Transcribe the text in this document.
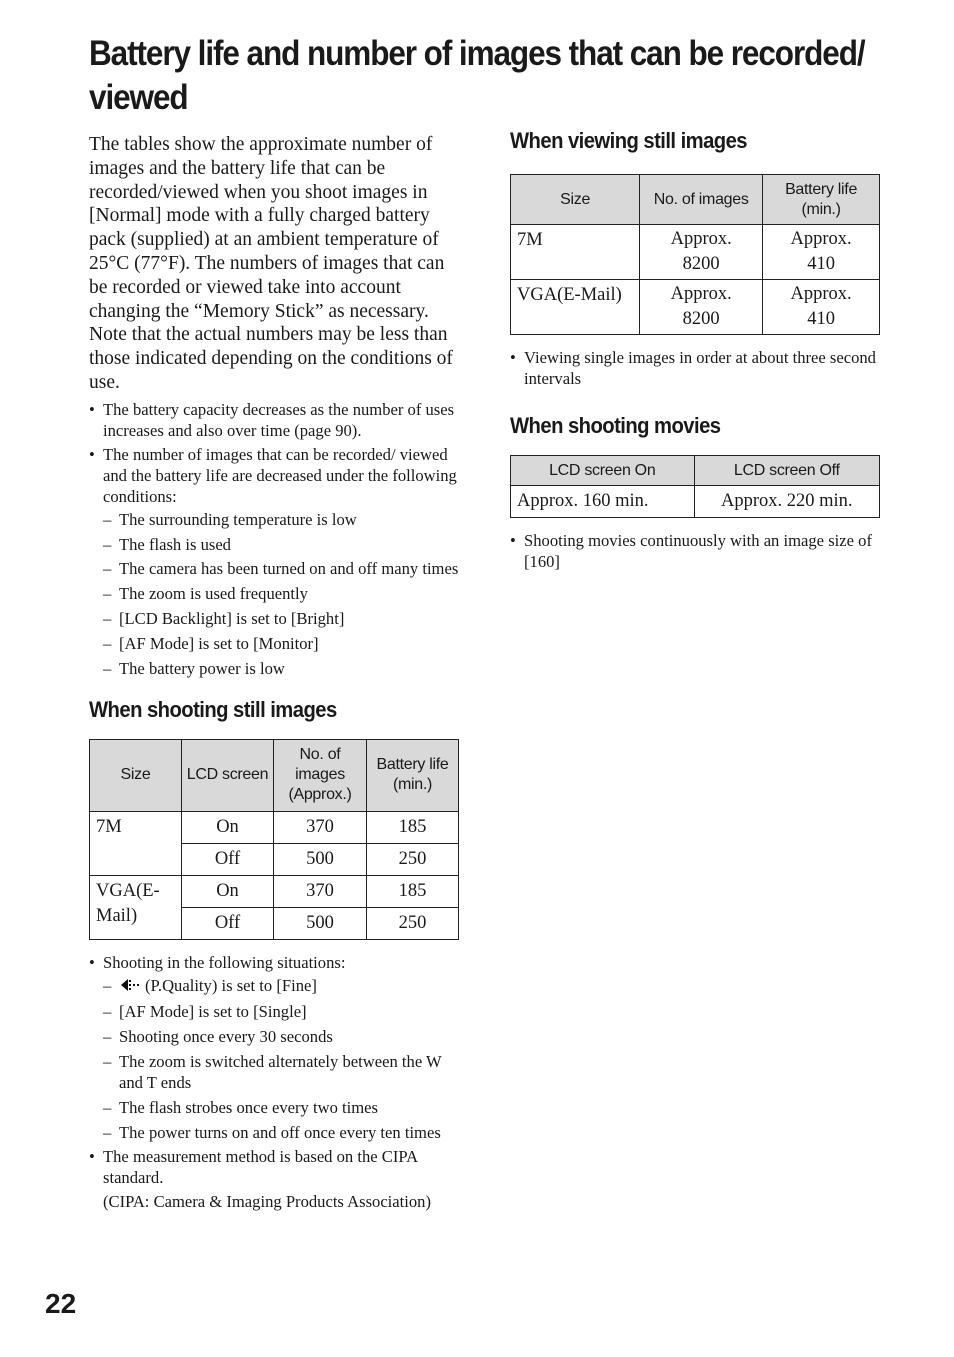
Battery life and number of images that can be recorded/ viewed

The tables show the approximate number of images and the battery life that can be recorded/viewed when you shoot images in [Normal] mode with a fully charged battery pack (supplied) at an ambient temperature of 25°C (77°F). The numbers of images that can be recorded or viewed take into account changing the “Memory Stick” as necessary. Note that the actual numbers may be less than those indicated depending on the conditions of use.

• The battery capacity decreases as the number of uses increases and also over time (page 90).
• The number of images that can be recorded/ viewed and the battery life are decreased under the following conditions:
– The surrounding temperature is low
– The flash is used
– The camera has been turned on and off many times
– The zoom is used frequently
– [LCD Backlight] is set to [Bright]
– [AF Mode] is set to [Monitor]
– The battery power is low
When shooting still images
Size	LCD screen	No. of images (Approx.)	Battery life (min.)
7M	On	370	185
	Off	500	250
VGA(E-Mail)	On	370	185
	Off	500	250
• Shooting in the following situations:
– (P.Quality) is set to [Fine]
– [AF Mode] is set to [Single]
– Shooting once every 30 seconds
– The zoom is switched alternately between the W and T ends
– The flash strobes once every two times
– The power turns on and off once every ten times
• The measurement method is based on the CIPA standard.
(CIPA: Camera & Imaging Products Association)
When viewing still images
Size	No. of images	Battery life (min.)
7M	Approx. 8200	Approx. 410
VGA(E-Mail)	Approx. 8200	Approx. 410
• Viewing single images in order at about three second intervals
When shooting movies
LCD screen On	LCD screen Off
Approx. 160 min.	Approx. 220 min.
• Shooting movies continuously with an image size of [160]
22
